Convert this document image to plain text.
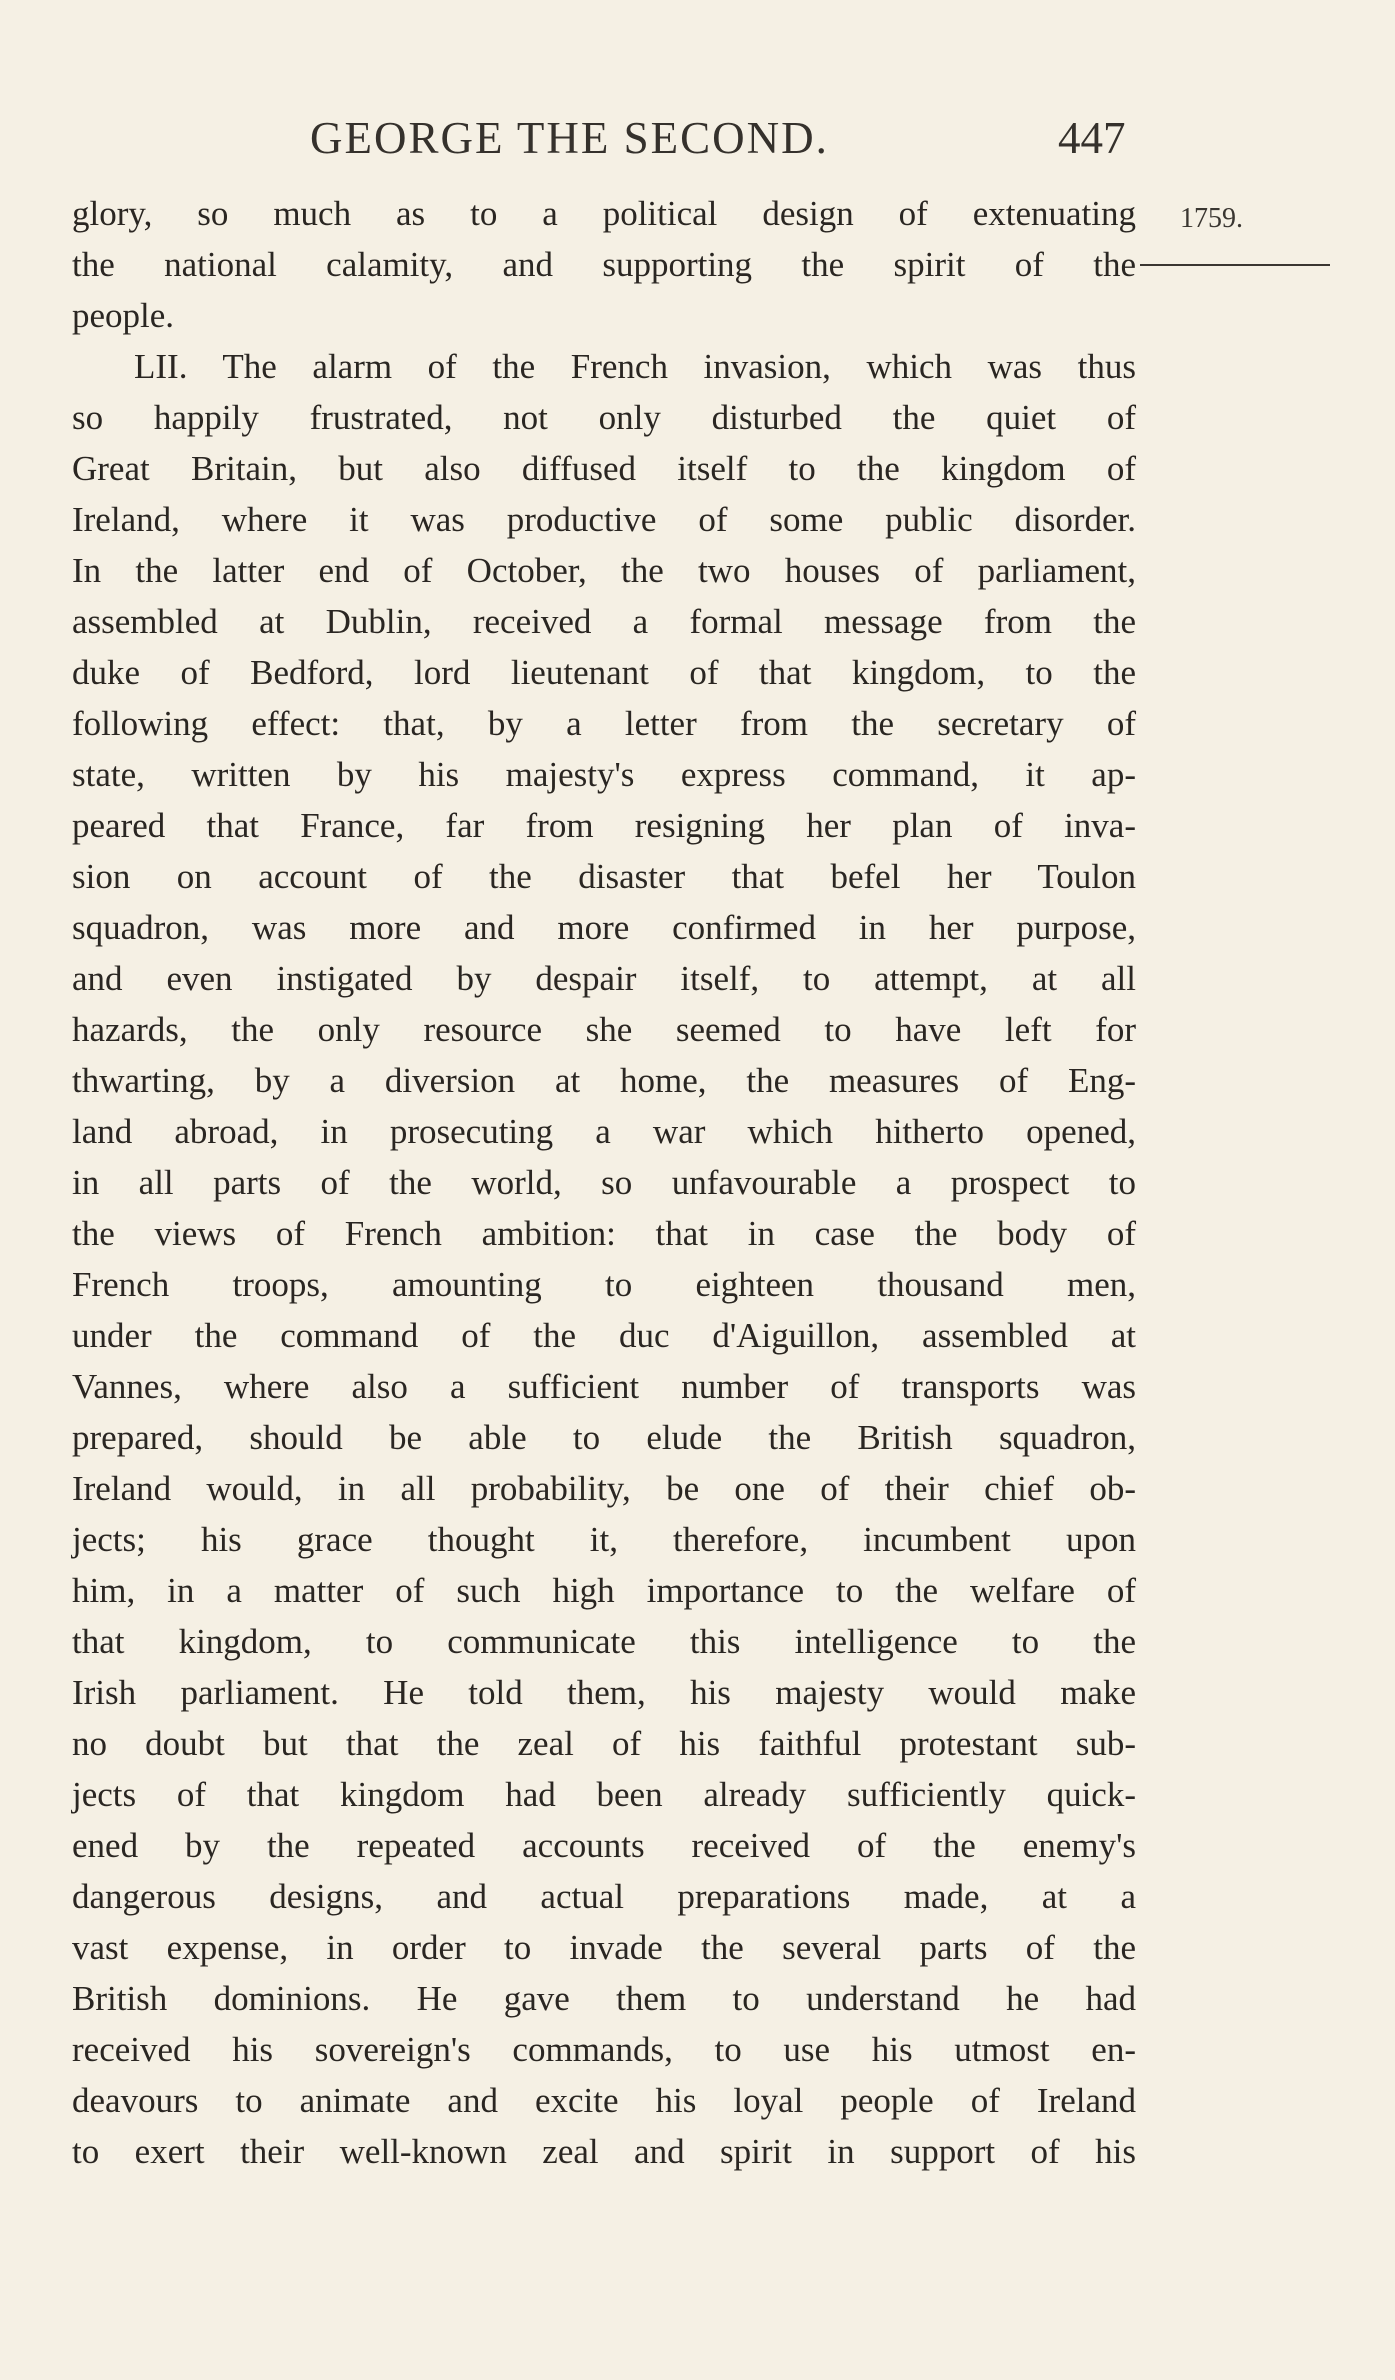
GEORGE THE SECOND.	447
1759.
glory, so much as to a political design of extenuating
the national calamity, and supporting the spirit of the
people.
LII. The alarm of the French invasion, which was thus
so happily frustrated, not only disturbed the quiet of
Great Britain, but also diffused itself to the kingdom of
Ireland, where it was productive of some public disorder.
In the latter end of October, the two houses of parliament,
assembled at Dublin, received a formal message from the
duke of Bedford, lord lieutenant of that kingdom, to the
following effect: that, by a letter from the secretary of
state, written by his majesty's express command, it ap-
peared that France, far from resigning her plan of inva-
sion on account of the disaster that befel her Toulon
squadron, was more and more confirmed in her purpose,
and even instigated by despair itself, to attempt, at all
hazards, the only resource she seemed to have left for
thwarting, by a diversion at home, the measures of Eng-
land abroad, in prosecuting a war which hitherto opened,
in all parts of the world, so unfavourable a prospect to
the views of French ambition: that in case the body of
French troops, amounting to eighteen thousand men,
under the command of the duc d'Aiguillon, assembled at
Vannes, where also a sufficient number of transports was
prepared, should be able to elude the British squadron,
Ireland would, in all probability, be one of their chief ob-
jects; his grace thought it, therefore, incumbent upon
him, in a matter of such high importance to the welfare of
that kingdom, to communicate this intelligence to the
Irish parliament. He told them, his majesty would make
no doubt but that the zeal of his faithful protestant sub-
jects of that kingdom had been already sufficiently quick-
ened by the repeated accounts received of the enemy's
dangerous designs, and actual preparations made, at a
vast expense, in order to invade the several parts of the
British dominions. He gave them to understand he had
received his sovereign's commands, to use his utmost en-
deavours to animate and excite his loyal people of Ireland
to exert their well-known zeal and spirit in support of his
